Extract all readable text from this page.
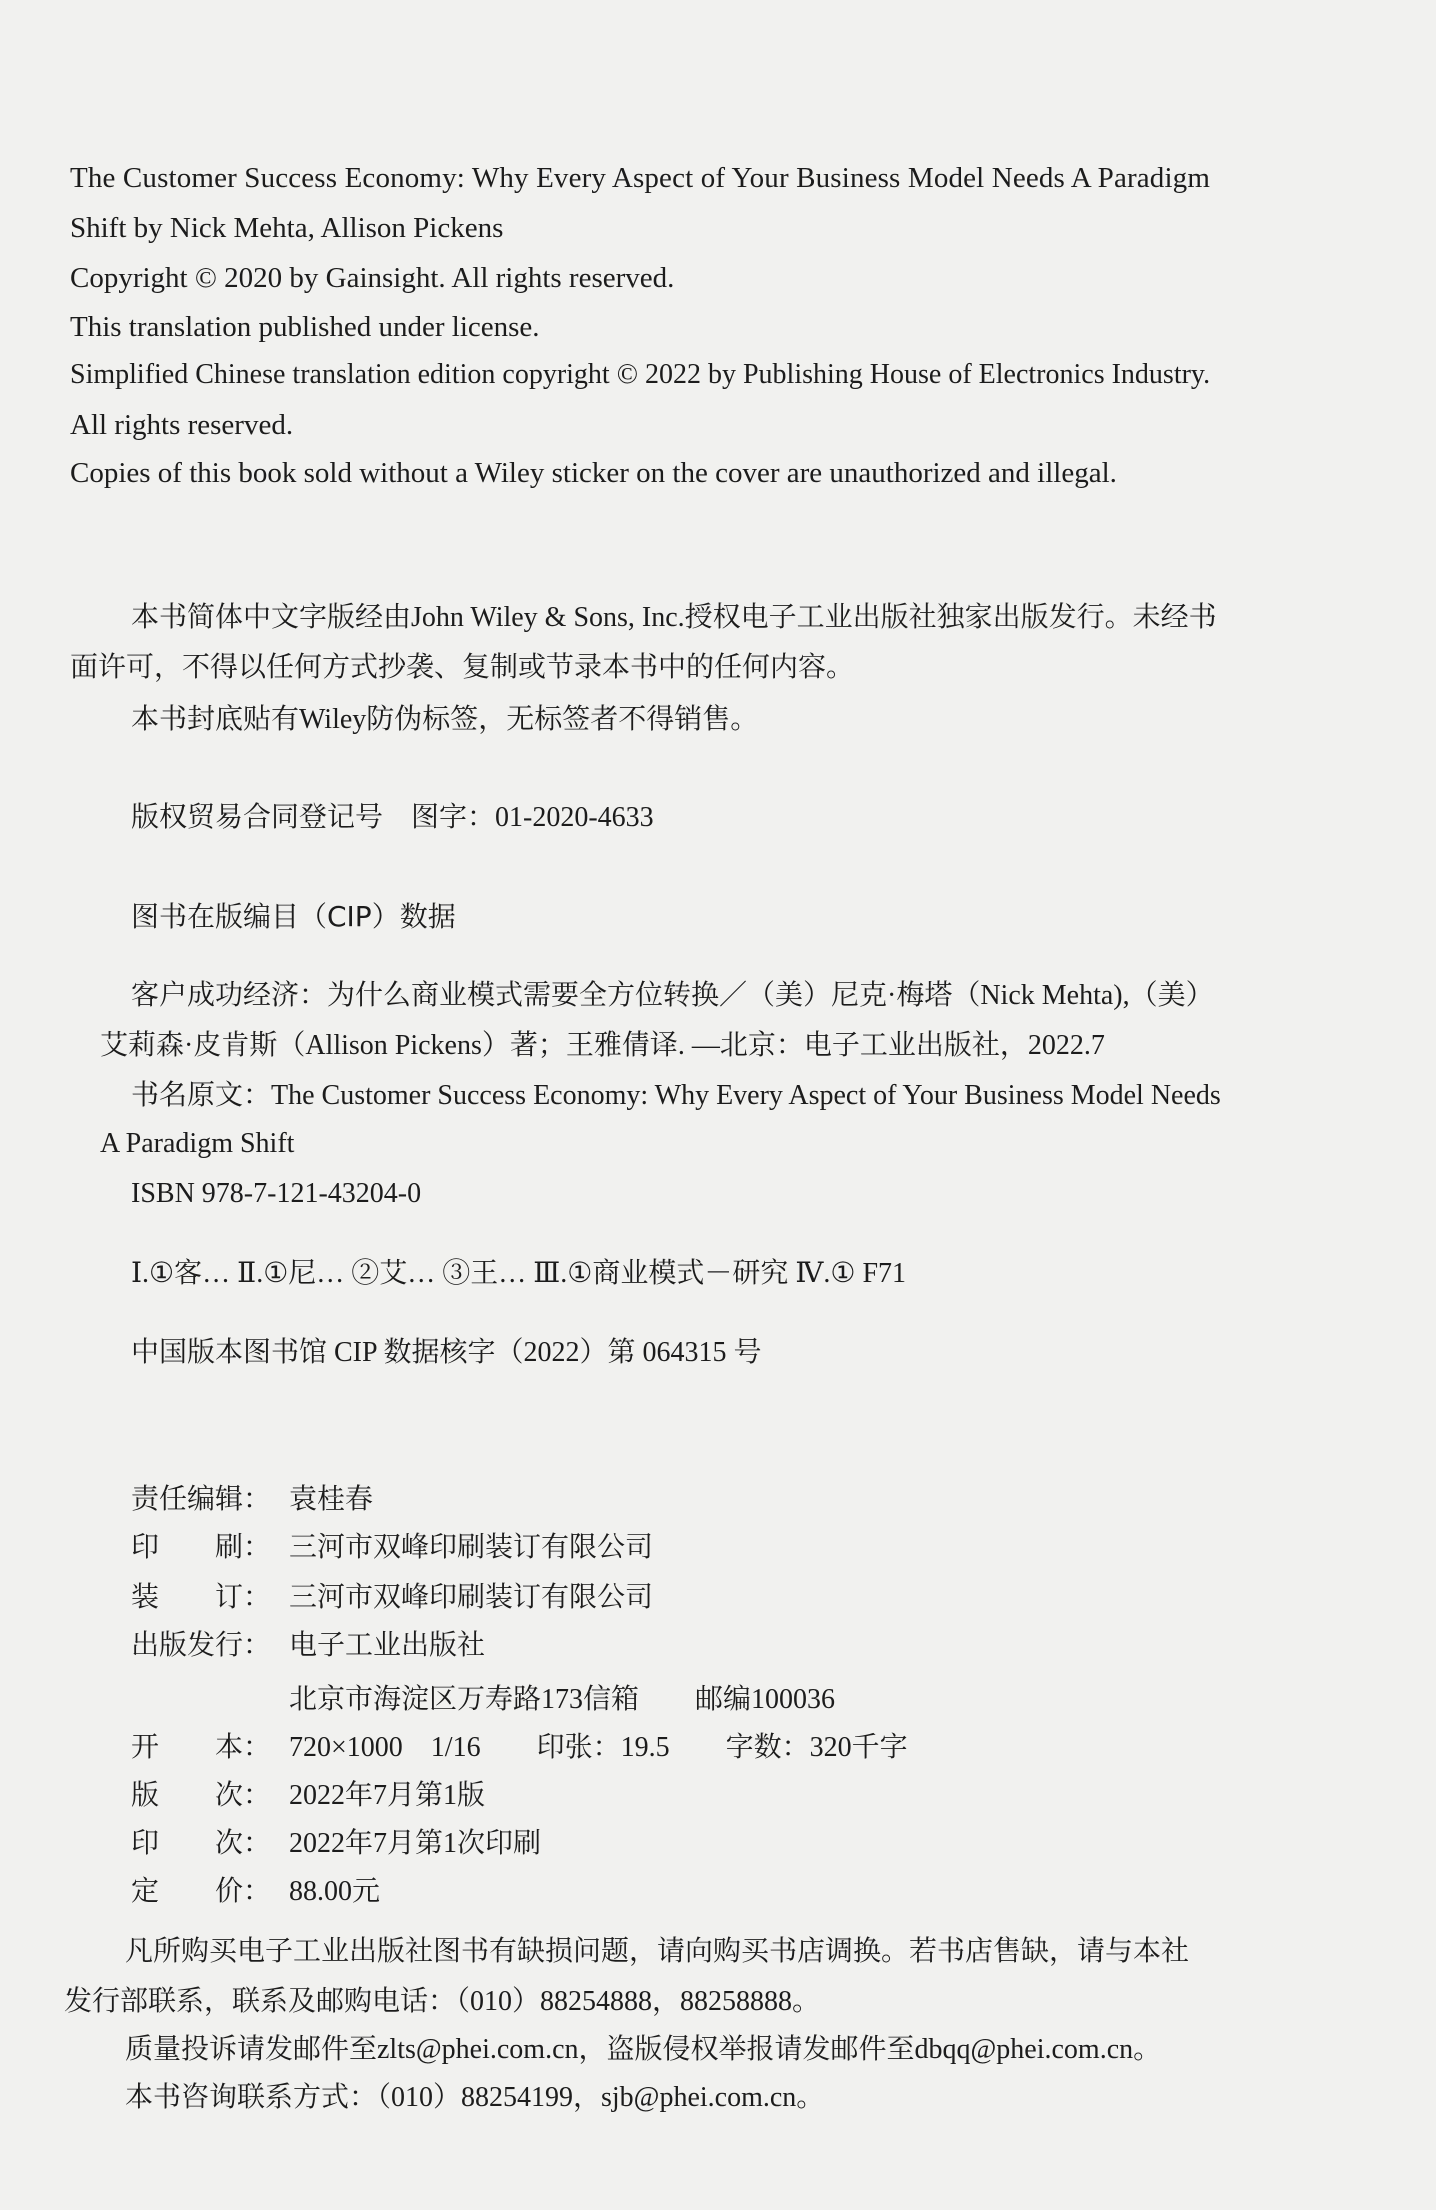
The Customer Success Economy: Why Every Aspect of Your Business Model Needs A Paradigm
Shift by Nick Mehta, Allison Pickens
Copyright © 2020 by Gainsight. All rights reserved.
This translation published under license.
Simplified Chinese translation edition copyright © 2022 by Publishing House of Electronics Industry.
All rights reserved.
Copies of this book sold without a Wiley sticker on the cover are unauthorized and illegal.
本书简体中文字版经由John Wiley & Sons, Inc.授权电子工业出版社独家出版发行。未经书
面许可，不得以任何方式抄袭、复制或节录本书中的任何内容。
本书封底贴有Wiley防伪标签，无标签者不得销售。
版权贸易合同登记号　图字：01-2020-4633
图书在版编目（CIP）数据
客户成功经济：为什么商业模式需要全方位转换／（美）尼克·梅塔（Nick Mehta),（美）
艾莉森·皮肯斯（Allison Pickens）著；王雅倩译. —北京：电子工业出版社，2022.7
书名原文：The Customer Success Economy: Why Every Aspect of Your Business Model Needs
A Paradigm Shift
ISBN 978-7-121-43204-0
Ⅰ.①客… Ⅱ.①尼… ②艾… ③王… Ⅲ.①商业模式－研究 Ⅳ.① F71
中国版本图书馆 CIP 数据核字（2022）第 064315 号
责任编辑： 袁桂春
印　　刷： 三河市双峰印刷装订有限公司
装　　订： 三河市双峰印刷装订有限公司
出版发行： 电子工业出版社
北京市海淀区万寿路173信箱　　邮编100036
开　　本： 720×1000　1/16　　印张：19.5　　字数：320千字
版　　次： 2022年7月第1版
印　　次： 2022年7月第1次印刷
定　　价： 88.00元
凡所购买电子工业出版社图书有缺损问题，请向购买书店调换。若书店售缺，请与本社
发行部联系，联系及邮购电话：（010）88254888，88258888。
质量投诉请发邮件至zlts@phei.com.cn，盗版侵权举报请发邮件至dbqq@phei.com.cn。
本书咨询联系方式：（010）88254199，sjb@phei.com.cn。
